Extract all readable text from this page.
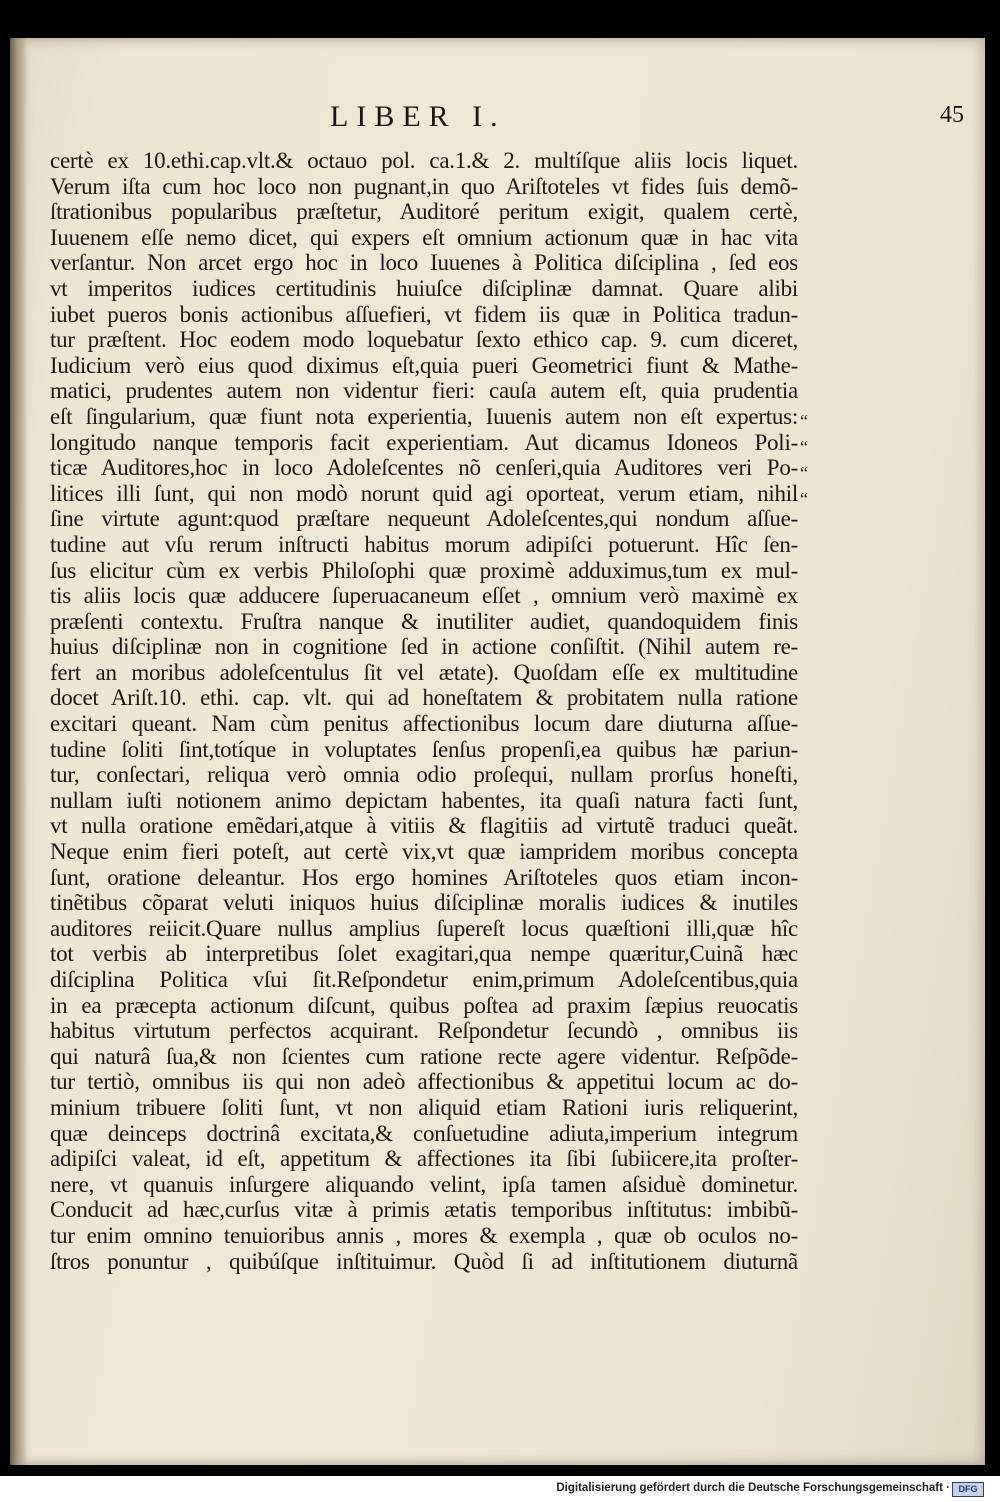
LIBER I.	45
certè ex 10.ethi.cap.vlt.& octauo pol. ca.1.& 2. multíſque aliis locis liquet.
Verum iſta cum hoc loco non pugnant,in quo Ariſtoteles vt fides ſuis demõ-
ſtrationibus popularibus præſtetur, Auditoré peritum exigit, qualem certè,
Iuuenem eſſe nemo dicet, qui expers eſt omnium actionum quæ in hac vita
verſantur. Non arcet ergo hoc in loco Iuuenes à Politica diſciplina , ſed eos
vt imperitos iudices certitudinis huiuſce diſciplinæ damnat. Quare alibi
iubet pueros bonis actionibus aſſuefieri, vt fidem iis quæ in Politica tradun-
tur præſtent. Hoc eodem modo loquebatur ſexto ethico cap. 9. cum diceret,
Iudicium verò eius quod diximus eſt,quia pueri Geometrici fiunt & Mathe-
matici, prudentes autem non videntur fieri: cauſa autem eſt, quia prudentia
eſt ſingularium, quæ fiunt nota experientia, Iuuenis autem non eſt expertus:
longitudo nanque temporis facit experientiam. Aut dicamus Idoneos Poli-
ticæ Auditores,hoc in loco Adoleſcentes nõ cenſeri,quia Auditores veri Po-
litices illi ſunt, qui non modò norunt quid agi oporteat, verum etiam, nihil
ſine virtute agunt:quod præſtare nequeunt Adoleſcentes,qui nondum aſſue-
tudine aut vſu rerum inſtructi habitus morum adipiſci potuerunt. Hîc ſen-
ſus elicitur cùm ex verbis Philoſophi quæ proximè adduximus,tum ex mul-
tis aliis locis quæ adducere ſuperuacaneum eſſet , omnium verò maximè ex
præſenti contextu. Fruſtra nanque & inutiliter audiet, quandoquidem finis
huius diſciplinæ non in cognitione ſed in actione conſiſtit. (Nihil autem re-
fert an moribus adoleſcentulus ſit vel ætate). Quoſdam eſſe ex multitudine
docet Ariſt.10. ethi. cap. vlt. qui ad honeſtatem & probitatem nulla ratione
excitari queant. Nam cùm penitus affectionibus locum dare diuturna aſſue-
tudine ſoliti ſint,totíque in voluptates ſenſus propenſi,ea quibus hæ pariun-
tur, conſectari, reliqua verò omnia odio proſequi, nullam prorſus honeſti,
nullam iuſti notionem animo depictam habentes, ita quaſi natura facti ſunt,
vt nulla oratione emẽdari,atque à vitiis & flagitiis ad virtutẽ traduci queãt.
Neque enim fieri poteſt, aut certè vix,vt quæ iampridem moribus concepta
ſunt, oratione deleantur. Hos ergo homines Ariſtoteles quos etiam incon-
tinẽtibus cõparat veluti iniquos huius diſciplinæ moralis iudices & inutiles
auditores reiicit.Quare nullus amplius ſupereſt locus quæſtioni illi,quæ hîc
tot verbis ab interpretibus ſolet exagitari,qua nempe quæritur,Cuinã hæc
diſciplina Politica vſui ſit.Reſpondetur enim,primum Adoleſcentibus,quia
in ea præcepta actionum diſcunt, quibus poſtea ad praxim ſæpius reuocatis
habitus virtutum perfectos acquirant. Reſpondetur ſecundò , omnibus iis
qui naturâ ſua,& non ſcientes cum ratione recte agere videntur. Reſpõde-
tur tertiò, omnibus iis qui non adeò affectionibus & appetitui locum ac do-
minium tribuere ſoliti ſunt, vt non aliquid etiam Rationi iuris reliquerint,
quæ deinceps doctrinâ excitata,& conſuetudine adiuta,imperium integrum
adipiſci valeat, id eſt, appetitum & affectiones ita ſibi ſubiicere,ita proſter-
nere, vt quanuis inſurgere aliquando velint, ipſa tamen aſsiduè dominetur.
Conducit ad hæc,curſus vitæ à primis ætatis temporibus inſtitutus: imbibũ-
tur enim omnino tenuioribus annis , mores & exempla , quæ ob oculos no-
ſtros ponuntur , quibúſque inſtituimur. Quòd ſi ad inſtitutionem diuturnã
“
“
“
“
Digitalisierung gefördert durch die Deutsche Forschungsgemeinschaft · DFG
